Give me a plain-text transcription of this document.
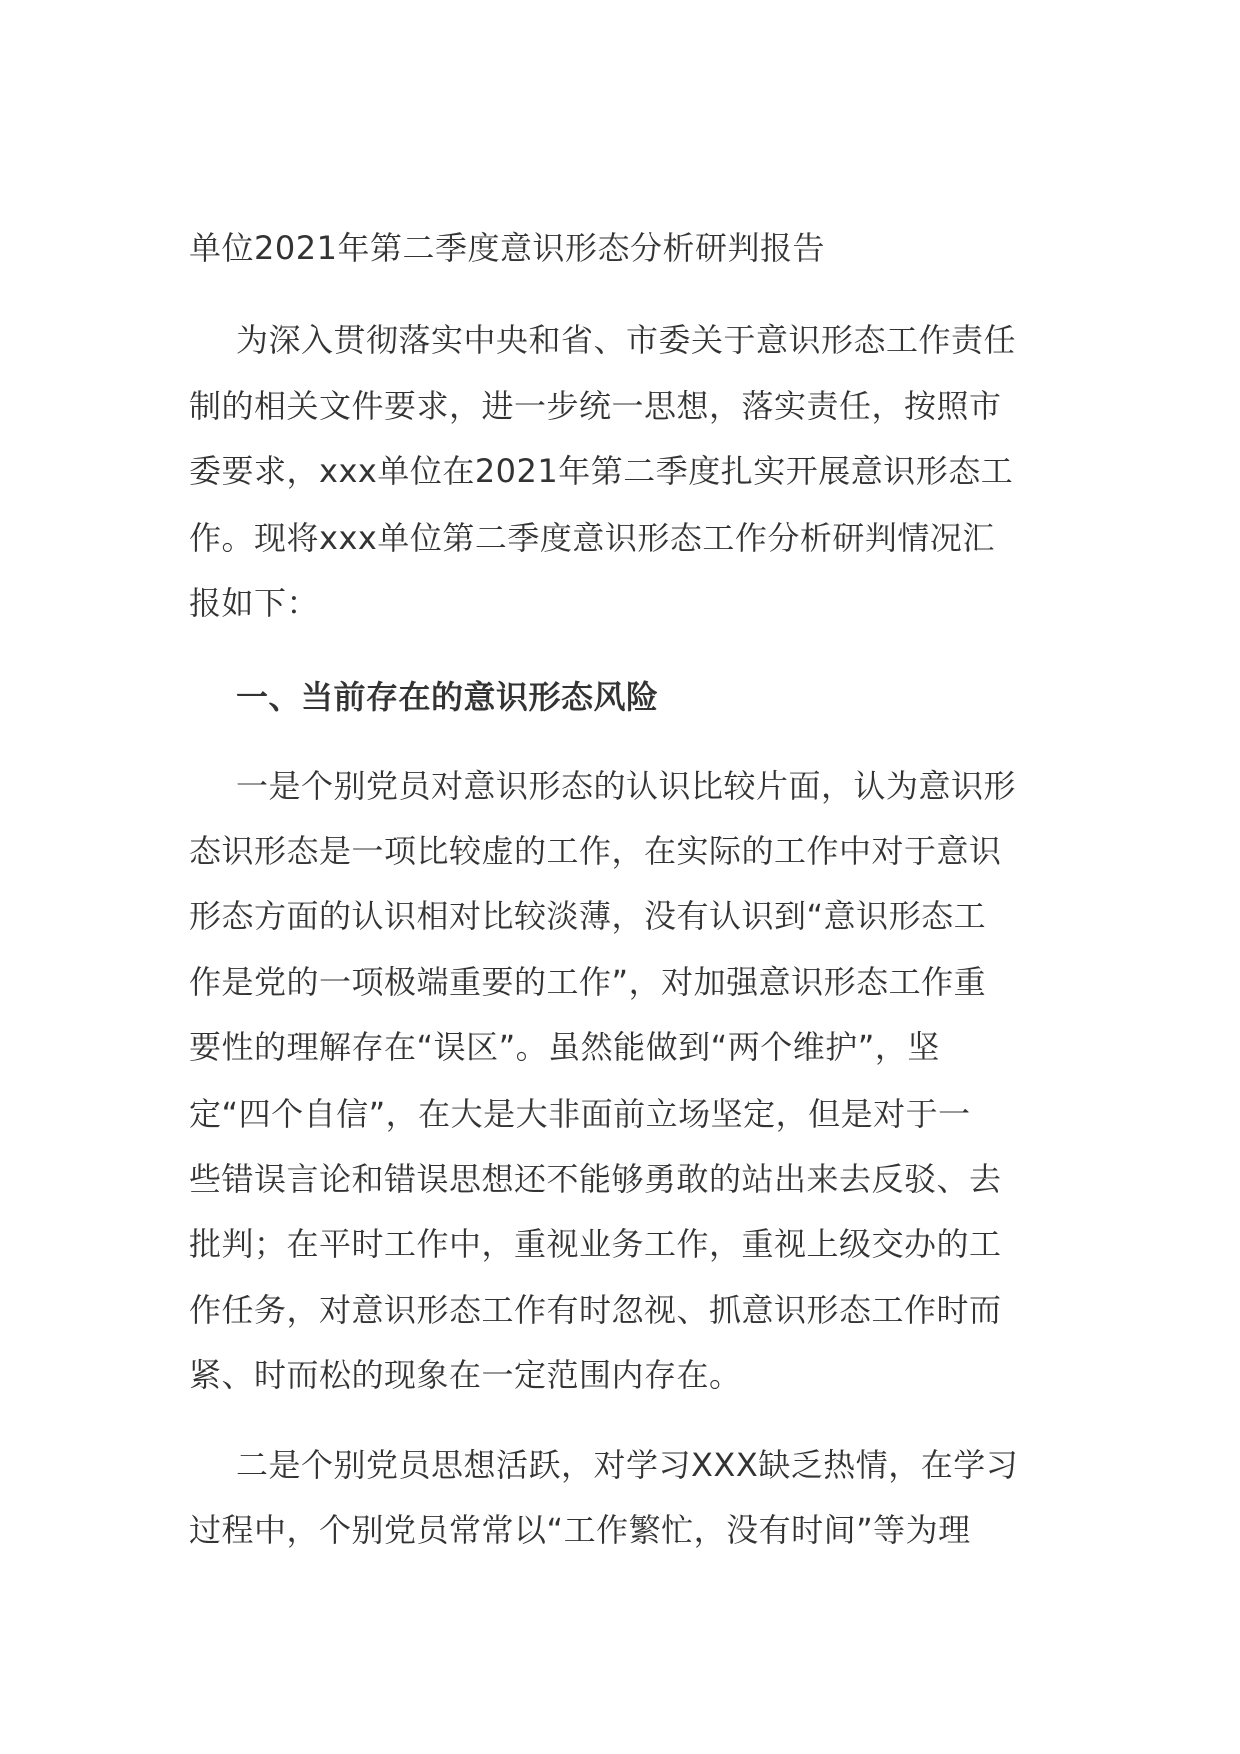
单位2021年第二季度意识形态分析研判报告
为深入贯彻落实中央和省、市委关于意识形态工作责任
制的相关文件要求，进一步统一思想，落实责任，按照市
委要求，xxx单位在2021年第二季度扎实开展意识形态工
作。现将xxx单位第二季度意识形态工作分析研判情况汇
报如下：
一、当前存在的意识形态风险
一是个别党员对意识形态的认识比较片面，认为意识形
态识形态是一项比较虚的工作，在实际的工作中对于意识
形态方面的认识相对比较淡薄，没有认识到“意识形态工
作是党的一项极端重要的工作”，对加强意识形态工作重
要性的理解存在“误区”。虽然能做到“两个维护”，坚
定“四个自信”，在大是大非面前立场坚定，但是对于一
些错误言论和错误思想还不能够勇敢的站出来去反驳、去
批判；在平时工作中，重视业务工作，重视上级交办的工
作任务，对意识形态工作有时忽视、抓意识形态工作时而
紧、时而松的现象在一定范围内存在。
二是个别党员思想活跃，对学习XXX缺乏热情，在学习
过程中，个别党员常常以“工作繁忙，没有时间”等为理
